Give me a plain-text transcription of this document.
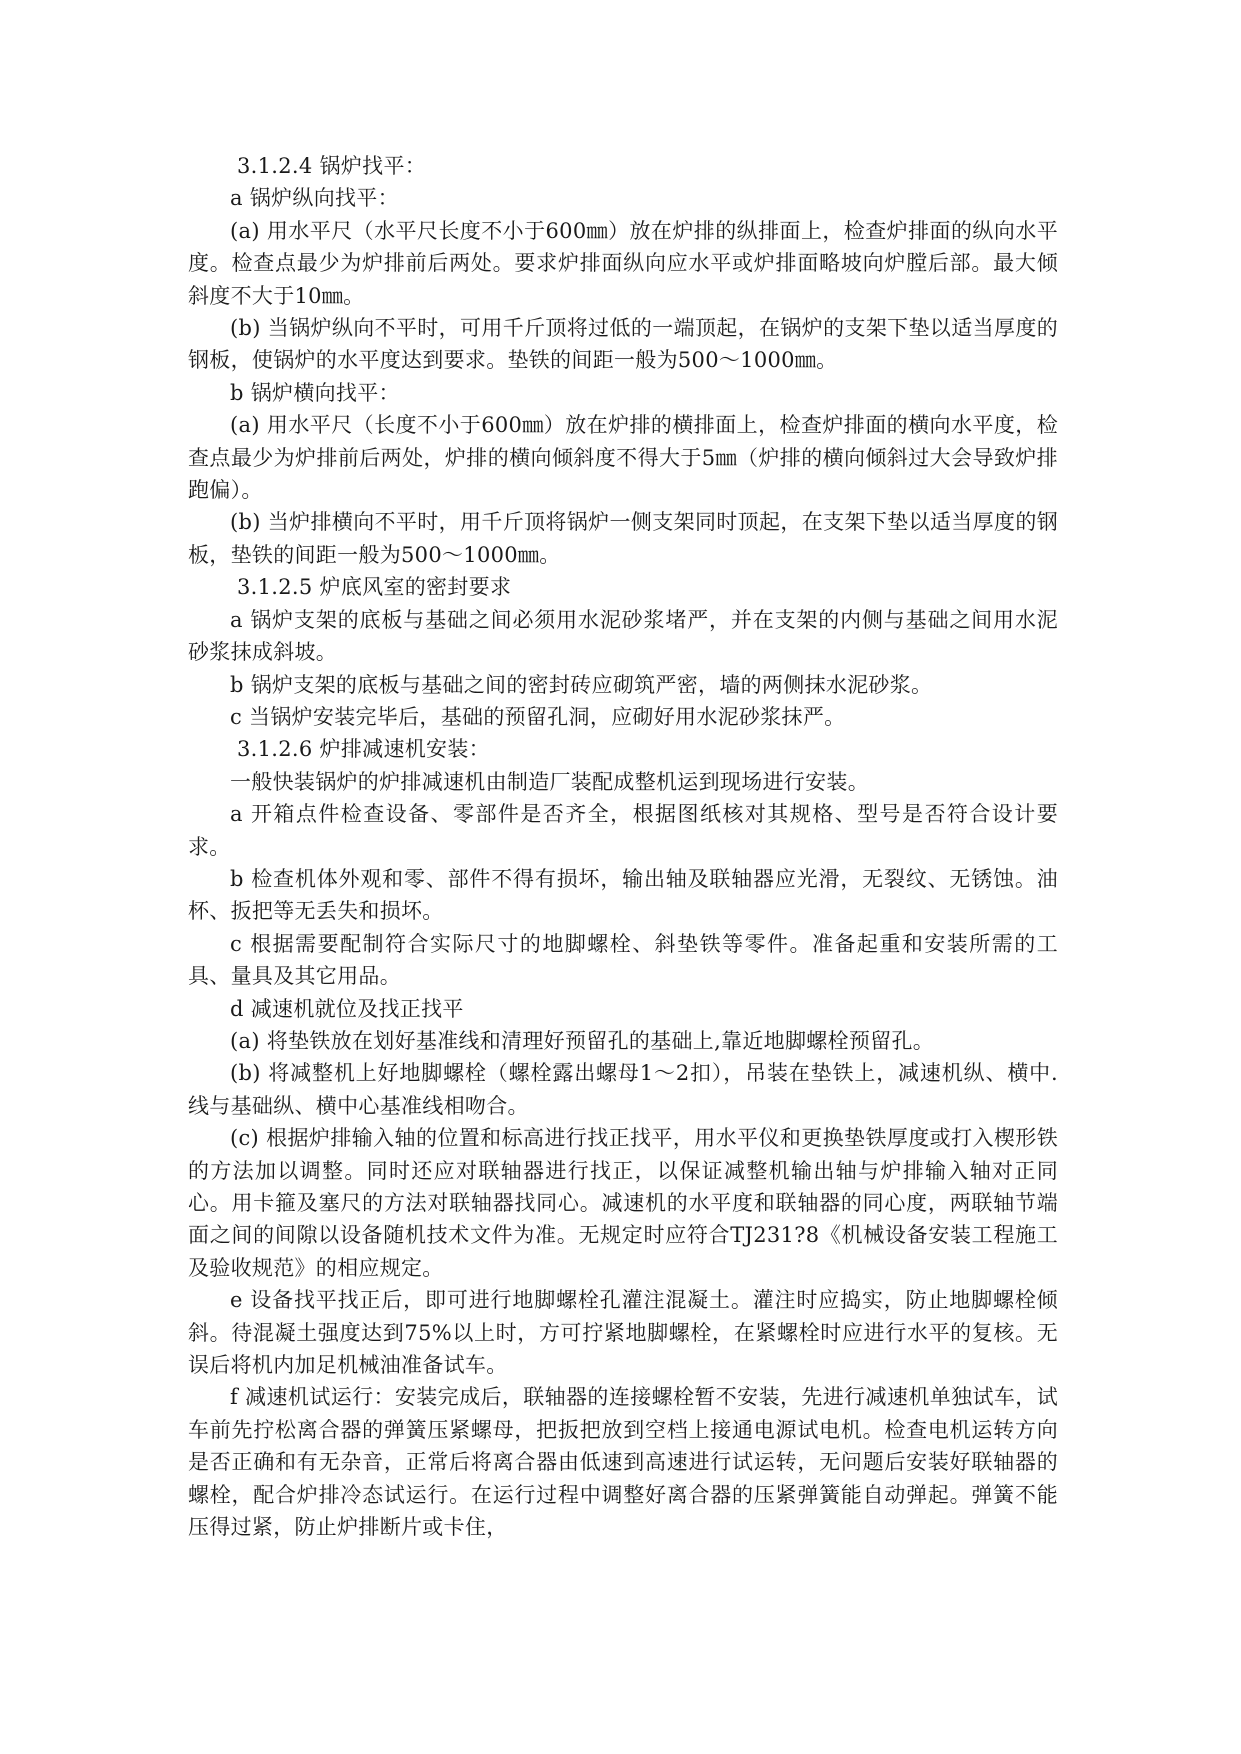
3.1.2.4 锅炉找平：

a 锅炉纵向找平：

(a) 用水平尺（水平尺长度不小于600㎜）放在炉排的纵排面上，检查炉排面的纵向水平度。检查点最少为炉排前后两处。要求炉排面纵向应水平或炉排面略坡向炉膛后部。最大倾斜度不大于10㎜。

(b) 当锅炉纵向不平时，可用千斤顶将过低的一端顶起，在锅炉的支架下垫以适当厚度的钢板，使锅炉的水平度达到要求。垫铁的间距一般为500～1000㎜。

b 锅炉横向找平：

(a) 用水平尺（长度不小于600㎜）放在炉排的横排面上，检查炉排面的横向水平度，检查点最少为炉排前后两处，炉排的横向倾斜度不得大于5㎜（炉排的横向倾斜过大会导致炉排跑偏）。

(b) 当炉排横向不平时，用千斤顶将锅炉一侧支架同时顶起，在支架下垫以适当厚度的钢板，垫铁的间距一般为500～1000㎜。

3.1.2.5 炉底风室的密封要求

a 锅炉支架的底板与基础之间必须用水泥砂浆堵严，并在支架的内侧与基础之间用水泥砂浆抹成斜坡。

b 锅炉支架的底板与基础之间的密封砖应砌筑严密，墙的两侧抹水泥砂浆。

c 当锅炉安装完毕后，基础的预留孔洞，应砌好用水泥砂浆抹严。

3.1.2.6 炉排减速机安装：

一般快装锅炉的炉排减速机由制造厂装配成整机运到现场进行安装。

a 开箱点件检查设备、零部件是否齐全，根据图纸核对其规格、型号是否符合设计要求。

b 检查机体外观和零、部件不得有损坏，输出轴及联轴器应光滑，无裂纹、无锈蚀。油杯、扳把等无丢失和损坏。

c 根据需要配制符合实际尺寸的地脚螺栓、斜垫铁等零件。准备起重和安装所需的工具、量具及其它用品。

d 减速机就位及找正找平

(a) 将垫铁放在划好基准线和清理好预留孔的基础上,靠近地脚螺栓预留孔。

(b) 将减整机上好地脚螺栓（螺栓露出螺母1～2扣），吊装在垫铁上，减速机纵、横中.线与基础纵、横中心基准线相吻合。

(c) 根据炉排输入轴的位置和标高进行找正找平，用水平仪和更换垫铁厚度或打入楔形铁的方法加以调整。同时还应对联轴器进行找正，以保证减整机输出轴与炉排输入轴对正同心。用卡箍及塞尺的方法对联轴器找同心。减速机的水平度和联轴器的同心度，两联轴节端面之间的间隙以设备随机技术文件为准。无规定时应符合TJ231?8《机械设备安装工程施工及验收规范》的相应规定。

e 设备找平找正后，即可进行地脚螺栓孔灌注混凝土。灌注时应捣实，防止地脚螺栓倾斜。待混凝土强度达到75%以上时，方可拧紧地脚螺栓，在紧螺栓时应进行水平的复核。无误后将机内加足机械油准备试车。

f 减速机试运行：安装完成后，联轴器的连接螺栓暂不安装，先进行减速机单独试车，试车前先拧松离合器的弹簧压紧螺母，把扳把放到空档上接通电源试电机。检查电机运转方向是否正确和有无杂音，正常后将离合器由低速到高速进行试运转，无问题后安装好联轴器的螺栓，配合炉排冷态试运行。在运行过程中调整好离合器的压紧弹簧能自动弹起。弹簧不能压得过紧，防止炉排断片或卡住，
